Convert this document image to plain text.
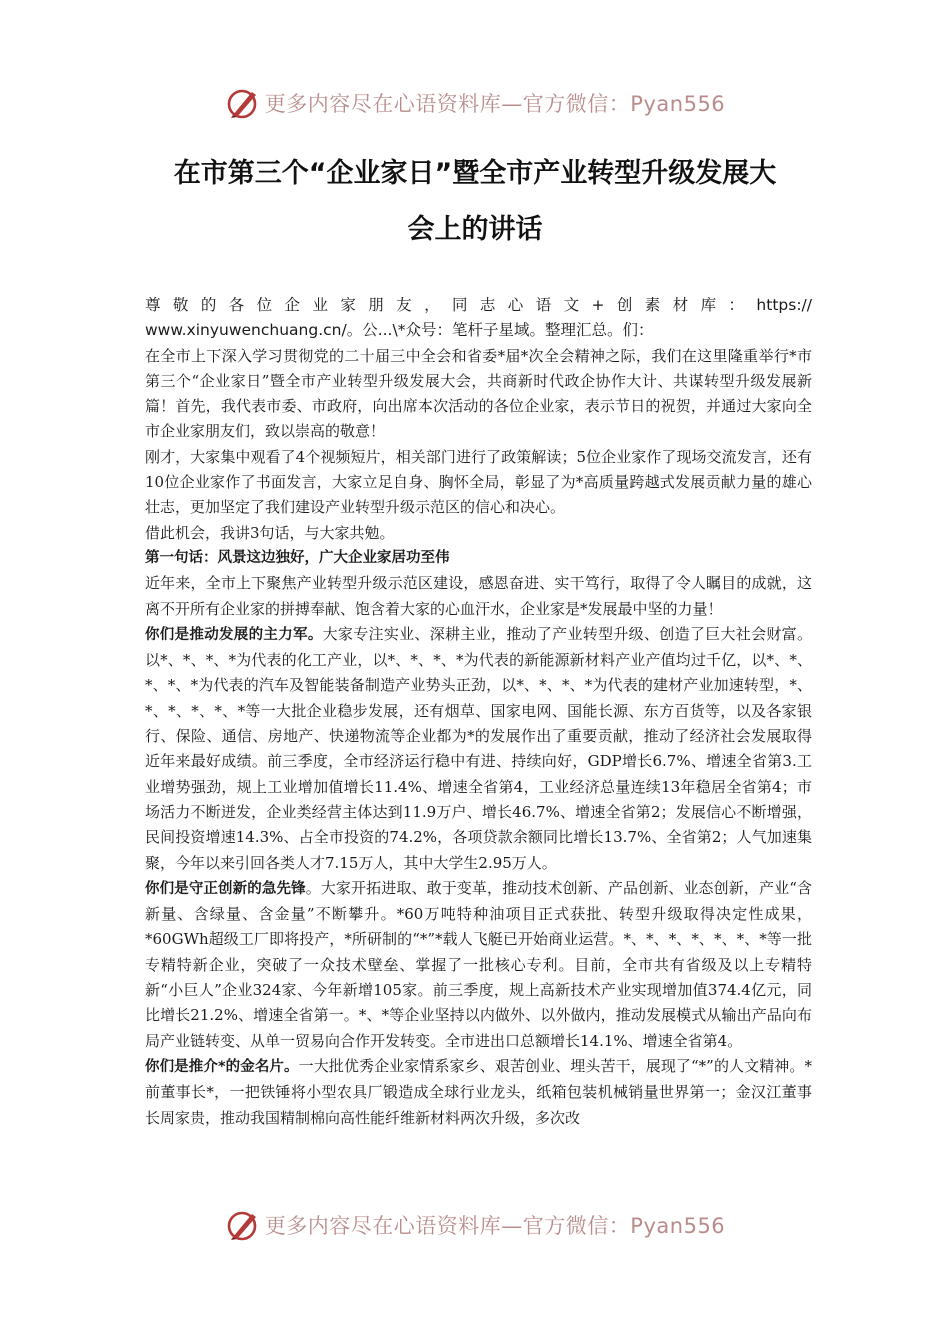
更多内容尽在心语资料库—官方微信：Pyan556
在市第三个“企业家日”暨全市产业转型升级发展大
会上的讲话

尊敬的各位企业家朋友，同志心语文+创素材库：https://
www.xinyuwenchuang.cn/。公...\*众号：笔杆子星域。整理汇总。们：

在全市上下深入学习贯彻党的二十届三中全会和省委*届*次全会精神之际，我们在这里隆重举行*市第三个“企业家日”暨全市产业转型升级发展大会，共商新时代政企协作大计、共谋转型升级发展新篇！首先，我代表市委、市政府，向出席本次活动的各位企业家，表示节日的祝贺，并通过大家向全市企业家朋友们，致以崇高的敬意！

刚才，大家集中观看了4个视频短片，相关部门进行了政策解读；5位企业家作了现场交流发言，还有10位企业家作了书面发言，大家立足自身、胸怀全局，彰显了为*高质量跨越式发展贡献力量的雄心壮志，更加坚定了我们建设产业转型升级示范区的信心和决心。

借此机会，我讲3句话，与大家共勉。

第一句话：风景这边独好，广大企业家居功至伟

近年来，全市上下聚焦产业转型升级示范区建设，感恩奋进、实干笃行，取得了令人瞩目的成就，这离不开所有企业家的拼搏奉献、饱含着大家的心血汗水，企业家是*发展最中坚的力量！

你们是推动发展的主力军。大家专注实业、深耕主业，推动了产业转型升级、创造了巨大社会财富。以*、*、*、*为代表的化工产业，以*、*、*、*为代表的新能源新材料产业产值均过千亿，以*、*、*、*、*为代表的汽车及智能装备制造产业势头正劲，以*、*、*、*为代表的建材产业加速转型，*、*、*、*、*、*等一大批企业稳步发展，还有烟草、国家电网、国能长源、东方百货等，以及各家银行、保险、通信、房地产、快递物流等企业都为*的发展作出了重要贡献，推动了经济社会发展取得近年来最好成绩。前三季度，全市经济运行稳中有进、持续向好，GDP增长6.7%、增速全省第3.工业增势强劲，规上工业增加值增长11.4%、增速全省第4，工业经济总量连续13年稳居全省第4；市场活力不断迸发，企业类经营主体达到11.9万户、增长46.7%、增速全省第2；发展信心不断增强，民间投资增速14.3%、占全市投资的74.2%，各项贷款余额同比增长13.7%、全省第2；人气加速集聚，今年以来引回各类人才7.15万人，其中大学生2.95万人。

你们是守正创新的急先锋。大家开拓进取、敢于变革，推动技术创新、产品创新、业态创新，产业“含新量、含绿量、含金量”不断攀升。*60万吨特种油项目正式获批、转型升级取得决定性成果，*60GWh超级工厂即将投产，*所研制的“*”*载人飞艇已开始商业运营。*、*、*、*、*、*、*等一批专精特新企业，突破了一众技术壁垒、掌握了一批核心专利。目前，全市共有省级及以上专精特新“小巨人”企业324家、今年新增105家。前三季度，规上高新技术产业实现增加值374.4亿元，同比增长21.2%、增速全省第一。*、*等企业坚持以内做外、以外做内，推动发展模式从输出产品向布局产业链转变、从单一贸易向合作开发转变。全市进出口总额增长14.1%、增速全省第4。

你们是推介*的金名片。一大批优秀企业家情系家乡、艰苦创业、埋头苦干，展现了“*”的人文精神。*前董事长*，一把铁锤将小型农具厂锻造成全球行业龙头，纸箱包装机械销量世界第一；金汉江董事长周家贵，推动我国精制棉向高性能纤维新材料两次升级，多次改

更多内容尽在心语资料库—官方微信：Pyan556
